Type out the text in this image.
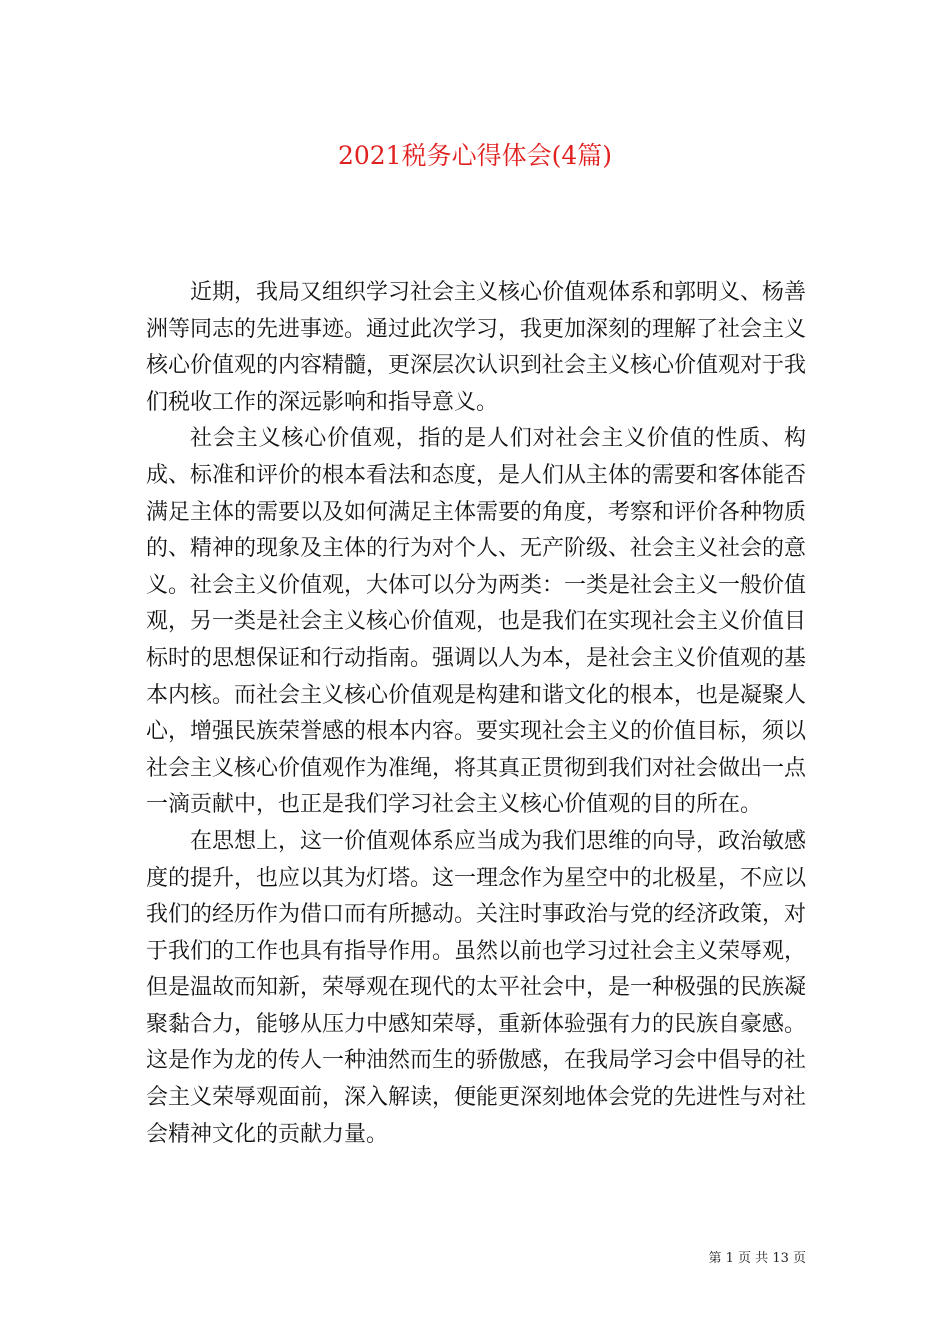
2021税务心得体会(4篇)

近期，我局又组织学习社会主义核心价值观体系和郭明义、杨善洲等同志的先进事迹。通过此次学习，我更加深刻的理解了社会主义核心价值观的内容精髓，更深层次认识到社会主义核心价值观对于我们税收工作的深远影响和指导意义。

社会主义核心价值观，指的是人们对社会主义价值的性质、构成、标准和评价的根本看法和态度，是人们从主体的需要和客体能否满足主体的需要以及如何满足主体需要的角度，考察和评价各种物质的、精神的现象及主体的行为对个人、无产阶级、社会主义社会的意义。社会主义价值观，大体可以分为两类：一类是社会主义一般价值观，另一类是社会主义核心价值观，也是我们在实现社会主义价值目标时的思想保证和行动指南。强调以人为本，是社会主义价值观的基本内核。而社会主义核心价值观是构建和谐文化的根本，也是凝聚人心，增强民族荣誉感的根本内容。要实现社会主义的价值目标，须以社会主义核心价值观作为准绳，将其真正贯彻到我们对社会做出一点一滴贡献中，也正是我们学习社会主义核心价值观的目的所在。

在思想上，这一价值观体系应当成为我们思维的向导，政治敏感度的提升，也应以其为灯塔。这一理念作为星空中的北极星，不应以我们的经历作为借口而有所撼动。关注时事政治与党的经济政策，对于我们的工作也具有指导作用。虽然以前也学习过社会主义荣辱观，但是温故而知新，荣辱观在现代的太平社会中，是一种极强的民族凝聚黏合力，能够从压力中感知荣辱，重新体验强有力的民族自豪感。这是作为龙的传人一种油然而生的骄傲感，在我局学习会中倡导的社会主义荣辱观面前，深入解读，便能更深刻地体会党的先进性与对社会精神文化的贡献力量。

第 1 页 共 13 页
